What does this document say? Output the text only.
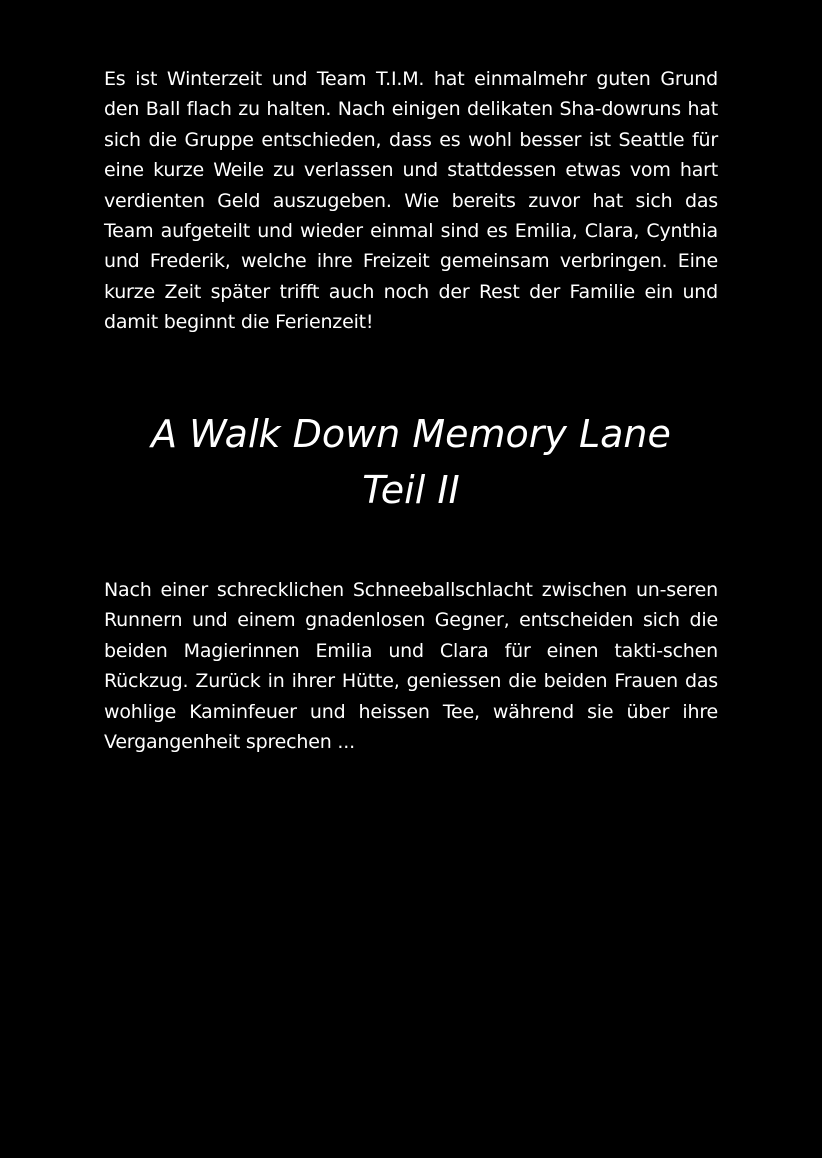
Es ist Winterzeit und Team T.I.M. hat einmalmehr guten Grund den Ball flach zu halten. Nach einigen delikaten Sha-dowruns hat sich die Gruppe entschieden, dass es wohl besser ist Seattle für eine kurze Weile zu verlassen und stattdessen etwas vom hart verdienten Geld auszugeben. Wie bereits zuvor hat sich das Team aufgeteilt und wieder einmal sind es Emilia, Clara, Cynthia und Frederik, welche ihre Freizeit gemeinsam verbringen. Eine kurze Zeit später trifft auch noch der Rest der Familie ein und damit beginnt die Ferienzeit!

A Walk Down Memory Lane
Teil II

Nach einer schrecklichen Schneeballschlacht zwischen un-seren Runnern und einem gnadenlosen Gegner, entscheiden sich die beiden Magierinnen Emilia und Clara für einen takti-schen Rückzug. Zurück in ihrer Hütte, geniessen die beiden Frauen das wohlige Kaminfeuer und heissen Tee, während sie über ihre Vergangenheit sprechen ...
